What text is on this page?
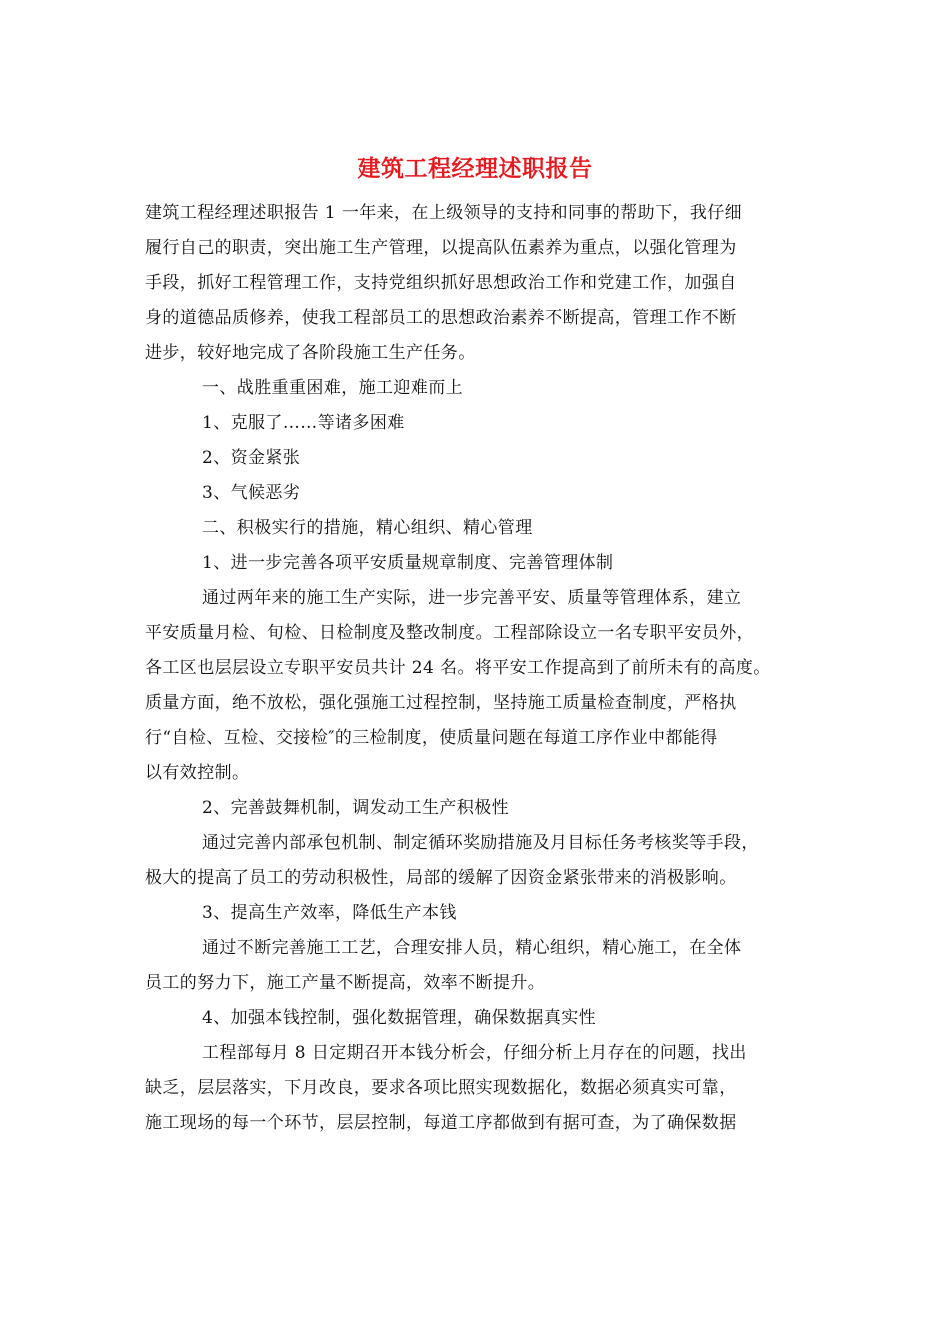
建筑工程经理述职报告
建筑工程经理述职报告 1 一年来，在上级领导的支持和同事的帮助下，我仔细
履行自己的职责，突出施工生产管理，以提高队伍素养为重点，以强化管理为
手段，抓好工程管理工作，支持党组织抓好思想政治工作和党建工作，加强自
身的道德品质修养，使我工程部员工的思想政治素养不断提高，管理工作不断
进步，较好地完成了各阶段施工生产任务。
一、战胜重重困难，施工迎难而上
1、克服了……等诸多困难
2、资金紧张
3、气候恶劣
二、积极实行的措施，精心组织、精心管理
1、进一步完善各项平安质量规章制度、完善管理体制
通过两年来的施工生产实际，进一步完善平安、质量等管理体系，建立
平安质量月检、旬检、日检制度及整改制度。工程部除设立一名专职平安员外，
各工区也层层设立专职平安员共计 24 名。将平安工作提高到了前所未有的高度。
质量方面，绝不放松，强化强施工过程控制，坚持施工质量检查制度，严格执
行“自检、互检、交接检″的三检制度，使质量问题在每道工序作业中都能得
以有效控制。
2、完善鼓舞机制，调发动工生产积极性
通过完善内部承包机制、制定循环奖励措施及月目标任务考核奖等手段，
极大的提高了员工的劳动积极性，局部的缓解了因资金紧张带来的消极影响。
3、提高生产效率，降低生产本钱
通过不断完善施工工艺，合理安排人员，精心组织，精心施工，在全体
员工的努力下，施工产量不断提高，效率不断提升。
4、加强本钱控制，强化数据管理，确保数据真实性
工程部每月 8 日定期召开本钱分析会，仔细分析上月存在的问题，找出
缺乏，层层落实，下月改良，要求各项比照实现数据化，数据必须真实可靠，
施工现场的每一个环节，层层控制，每道工序都做到有据可查，为了确保数据
